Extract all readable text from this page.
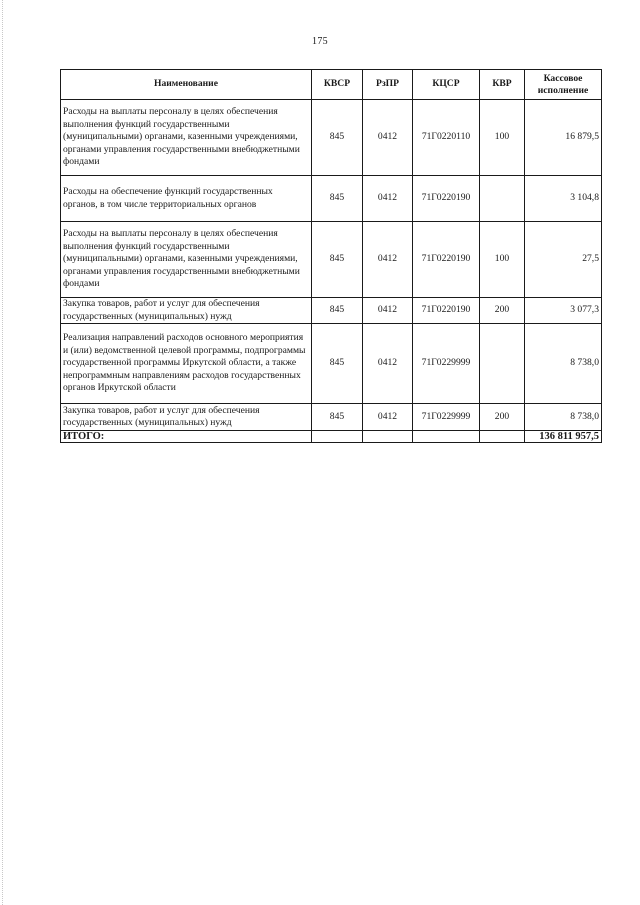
175
Наименование	КВСР	РзПР	КЦСР	КВР	Кассовое исполнение
Расходы на выплаты персоналу в целях обеспечения выполнения функций государственными (муниципальными) органами, казенными учреждениями, органами управления государственными внебюджетными фондами	845	0412	71Г0220110	100	16 879,5
Расходы на обеспечение функций государственных органов, в том числе территориальных органов	845	0412	71Г0220190		3 104,8
Расходы на выплаты персоналу в целях обеспечения выполнения функций государственными (муниципальными) органами, казенными учреждениями, органами управления государственными внебюджетными фондами	845	0412	71Г0220190	100	27,5
Закупка товаров, работ и услуг для обеспечения государственных (муниципальных) нужд	845	0412	71Г0220190	200	3 077,3
Реализация направлений расходов основного мероприятия и (или) ведомственной целевой программы, подпрограммы государственной программы Иркутской области, а также непрограммным направлениям расходов государственных органов Иркутской области	845	0412	71Г0229999		8 738,0
Закупка товаров, работ и услуг для обеспечения государственных (муниципальных) нужд	845	0412	71Г0229999	200	8 738,0
ИТОГО:					136 811 957,5
